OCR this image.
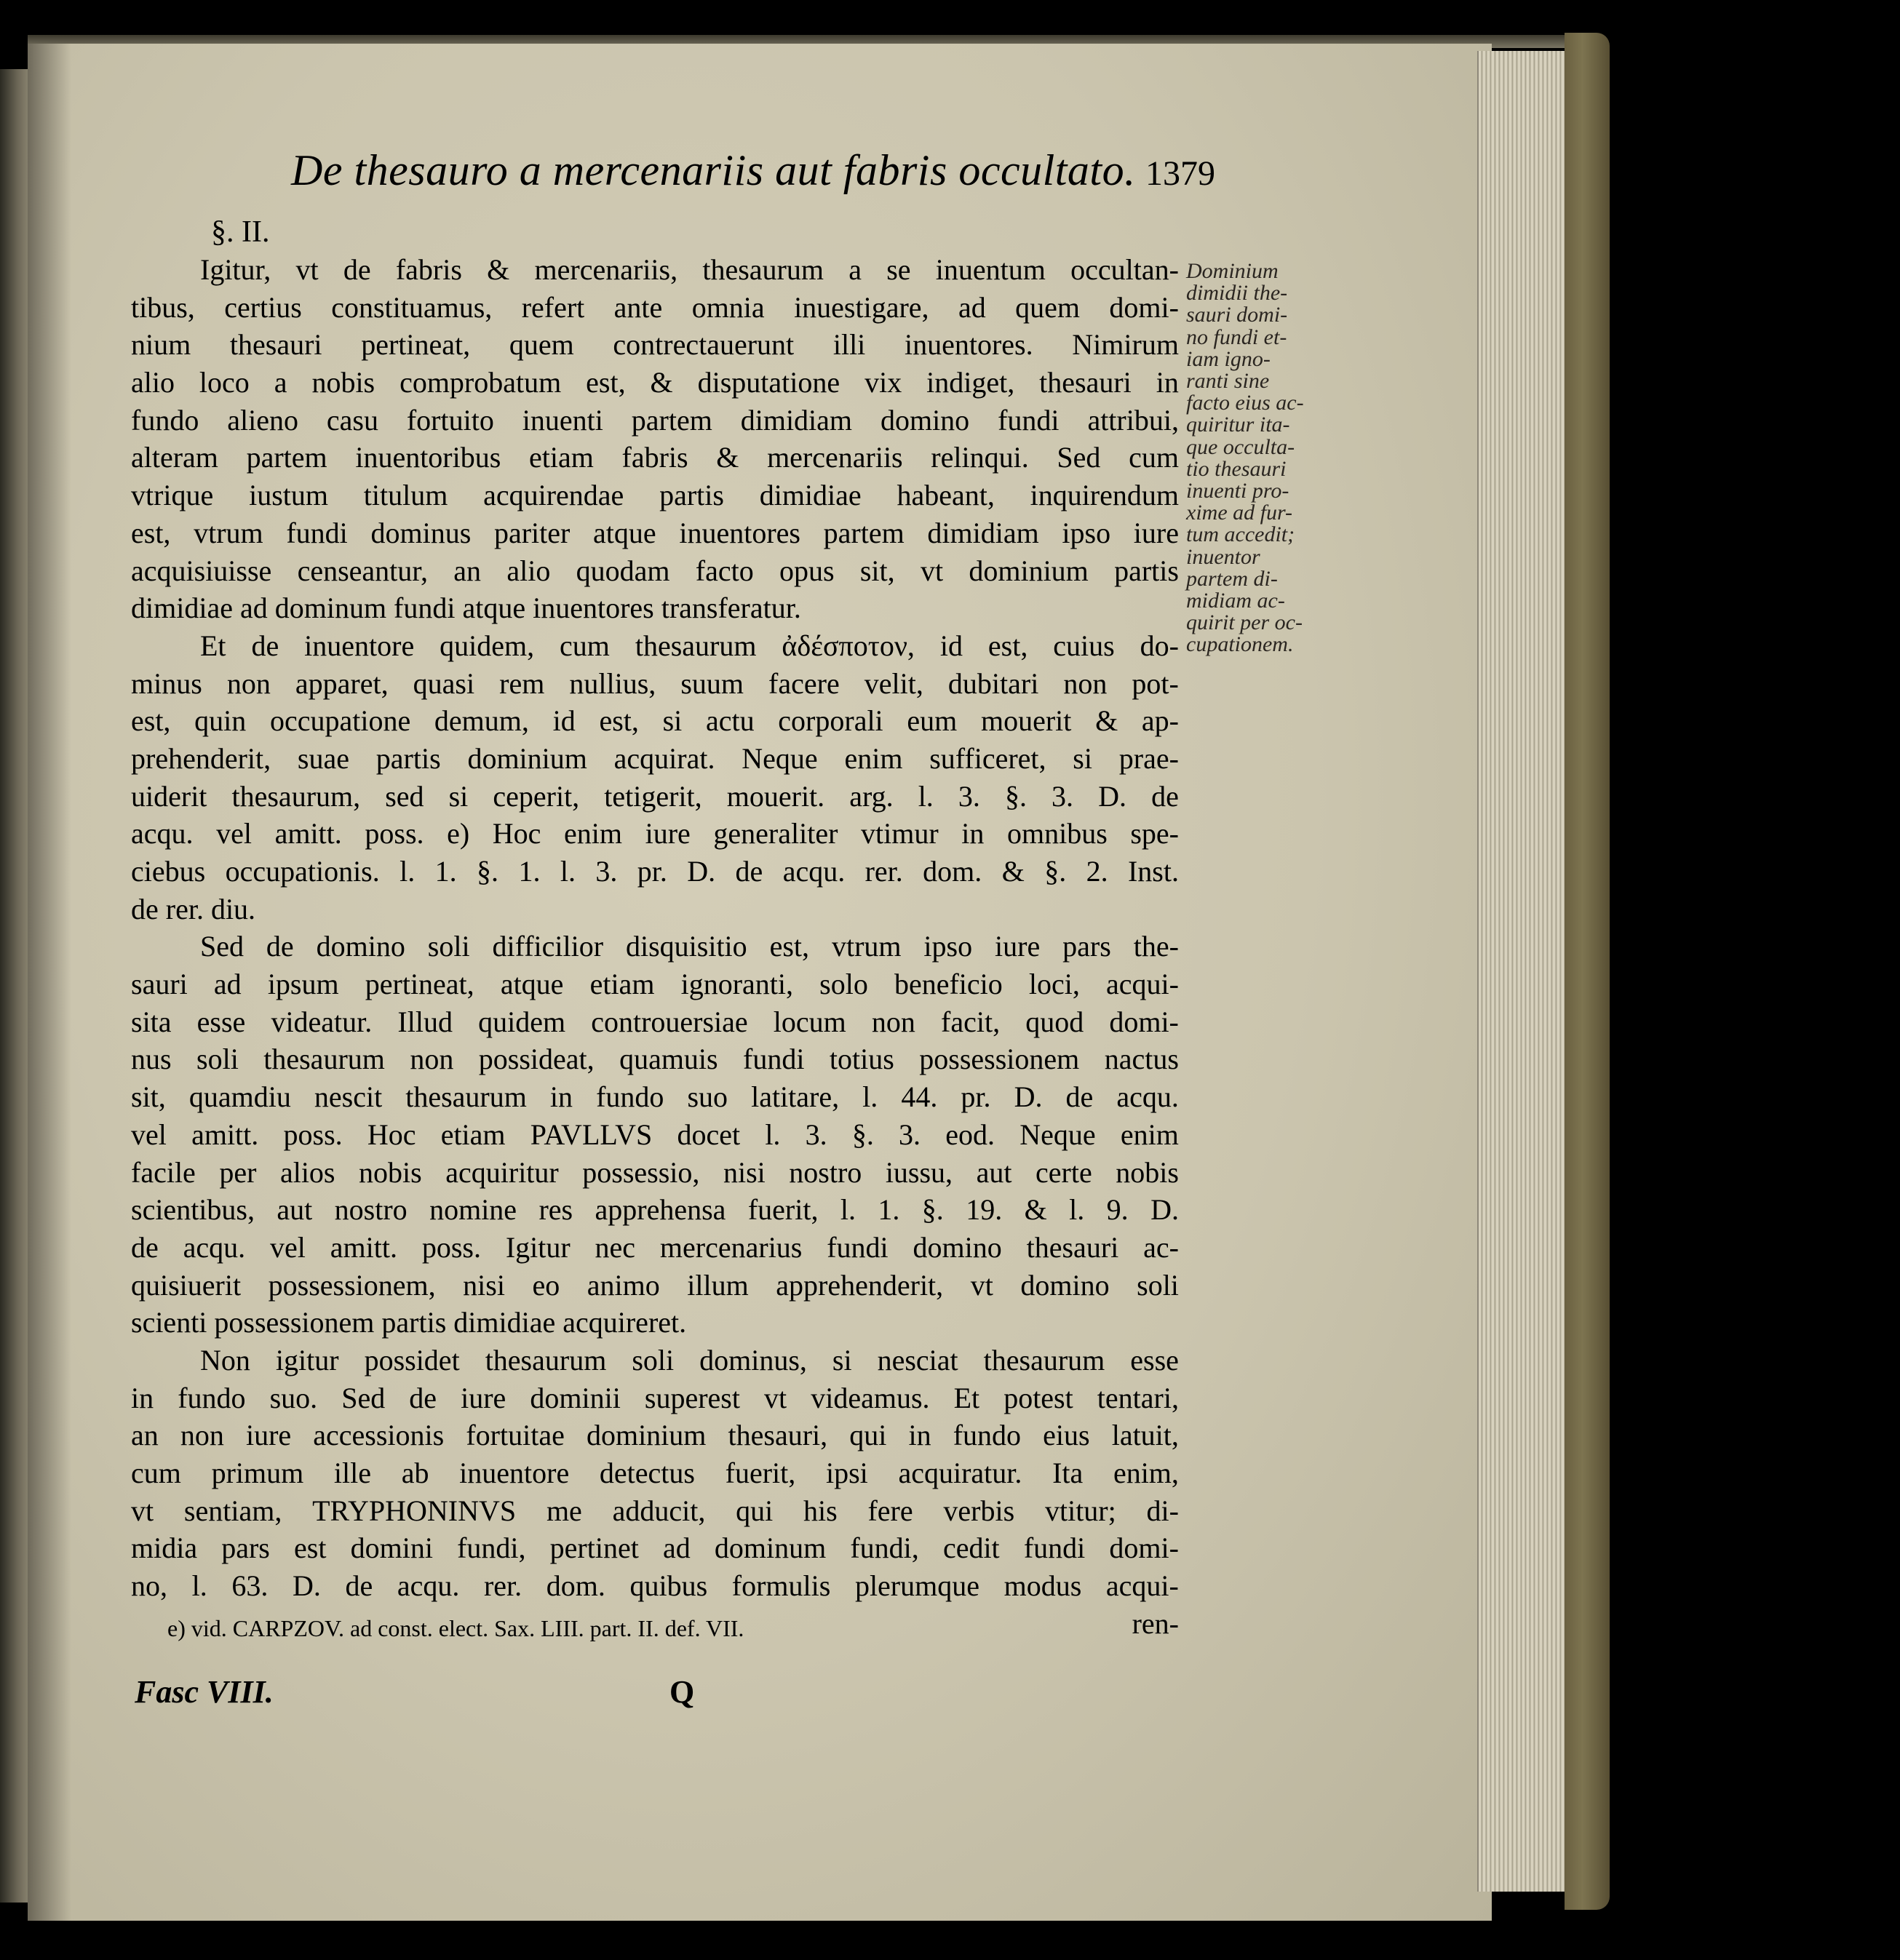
De thesauro a mercenariis aut fabris occultato. 1379
§. II.
Igitur, vt de fabris & mercenariis, thesaurum a se inuentum occultan-
tibus, certius constituamus, refert ante omnia inuestigare, ad quem domi-
nium thesauri pertineat, quem contrectauerunt illi inuentores. Nimirum
alio loco a nobis comprobatum est, & disputatione vix indiget, thesauri in
fundo alieno casu fortuito inuenti partem dimidiam domino fundi attribui,
alteram partem inuentoribus etiam fabris & mercenariis relinqui. Sed cum
vtrique iustum titulum acquirendae partis dimidiae habeant, inquirendum
est, vtrum fundi dominus pariter atque inuentores partem dimidiam ipso iure
acquisiuisse censeantur, an alio quodam facto opus sit, vt dominium partis
dimidiae ad dominum fundi atque inuentores transferatur.
Et de inuentore quidem, cum thesaurum ἀδέσποτον, id est, cuius do-
minus non apparet, quasi rem nullius, suum facere velit, dubitari non pot-
est, quin occupatione demum, id est, si actu corporali eum mouerit & ap-
prehenderit, suae partis dominium acquirat. Neque enim sufficeret, si prae-
uiderit thesaurum, sed si ceperit, tetigerit, mouerit. arg. l. 3. §. 3. D. de
acqu. vel amitt. poss. e) Hoc enim iure generaliter vtimur in omnibus spe-
ciebus occupationis. l. 1. §. 1. l. 3. pr. D. de acqu. rer. dom. & §. 2. Inst.
de rer. diu.
Sed de domino soli difficilior disquisitio est, vtrum ipso iure pars the-
sauri ad ipsum pertineat, atque etiam ignoranti, solo beneficio loci, acqui-
sita esse videatur. Illud quidem controuersiae locum non facit, quod domi-
nus soli thesaurum non possideat, quamuis fundi totius possessionem nactus
sit, quamdiu nescit thesaurum in fundo suo latitare, l. 44. pr. D. de acqu.
vel amitt. poss. Hoc etiam PAVLLVS docet l. 3. §. 3. eod. Neque enim
facile per alios nobis acquiritur possessio, nisi nostro iussu, aut certe nobis
scientibus, aut nostro nomine res apprehensa fuerit, l. 1. §. 19. & l. 9. D.
de acqu. vel amitt. poss. Igitur nec mercenarius fundi domino thesauri ac-
quisiuerit possessionem, nisi eo animo illum apprehenderit, vt domino soli
scienti possessionem partis dimidiae acquireret.
Non igitur possidet thesaurum soli dominus, si nesciat thesaurum esse
in fundo suo. Sed de iure dominii superest vt videamus. Et potest tentari,
an non iure accessionis fortuitae dominium thesauri, qui in fundo eius latuit,
cum primum ille ab inuentore detectus fuerit, ipsi acquiratur. Ita enim,
vt sentiam, TRYPHONINVS me adducit, qui his fere verbis vtitur; di-
midia pars est domini fundi, pertinet ad dominum fundi, cedit fundi domi-
no, l. 63. D. de acqu. rer. dom. quibus formulis plerumque modus acqui-
ren-
Dominium
dimidii the-
sauri domi-
no fundi et-
iam igno-
ranti sine
facto eius ac-
quiritur ita-
que occulta-
tio thesauri
inuenti pro-
xime ad fur-
tum accedit;
inuentor
partem di-
midiam ac-
quirit per oc-
cupationem.
e) vid. CARPZOV. ad const. elect. Sax. LIII. part. II. def. VII.
Fasc VIII.	Q
